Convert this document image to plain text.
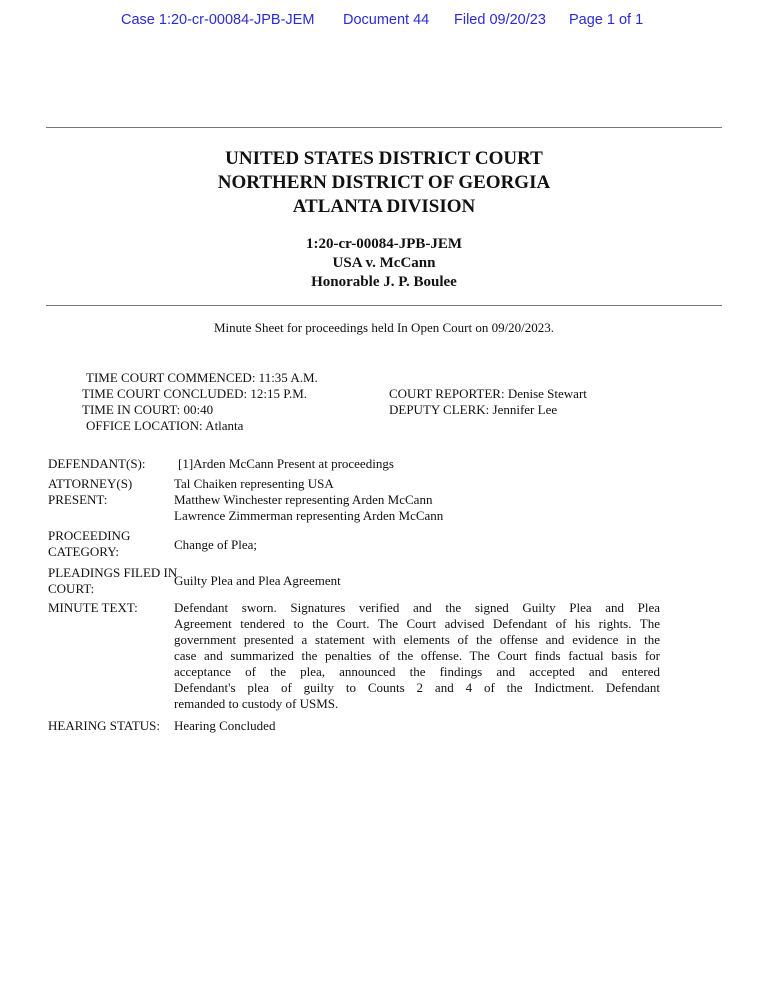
Case 1:20-cr-00084-JPB-JEM Document 44 Filed 09/20/23 Page 1 of 1
UNITED STATES DISTRICT COURT
NORTHERN DISTRICT OF GEORGIA
ATLANTA DIVISION
1:20-cr-00084-JPB-JEM
USA v. McCann
Honorable J. P. Boulee
Minute Sheet for proceedings held In Open Court on 09/20/2023.
TIME COURT COMMENCED: 11:35 A.M.
TIME COURT CONCLUDED: 12:15 P.M.
TIME IN COURT: 00:40
OFFICE LOCATION: Atlanta
COURT REPORTER: Denise Stewart
DEPUTY CLERK: Jennifer Lee
DEFENDANT(S):	[1]Arden McCann Present at proceedings
ATTORNEY(S)
PRESENT:
Tal Chaiken representing USA
Matthew Winchester representing Arden McCann
Lawrence Zimmerman representing Arden McCann
PROCEEDING
CATEGORY:	Change of Plea;
PLEADINGS FILED IN
COURT:
Guilty Plea and Plea Agreement
MINUTE TEXT:	Defendant sworn. Signatures verified and the signed Guilty Plea and Plea
Agreement tendered to the Court. The Court advised Defendant of his rights. The
government presented a statement with elements of the offense and evidence in the
case and summarized the penalties of the offense. The Court finds factual basis for
acceptance of the plea, announced the findings and accepted and entered
Defendant's plea of guilty to Counts 2 and 4 of the Indictment. Defendant
remanded to custody of USMS.
HEARING STATUS: Hearing Concluded
